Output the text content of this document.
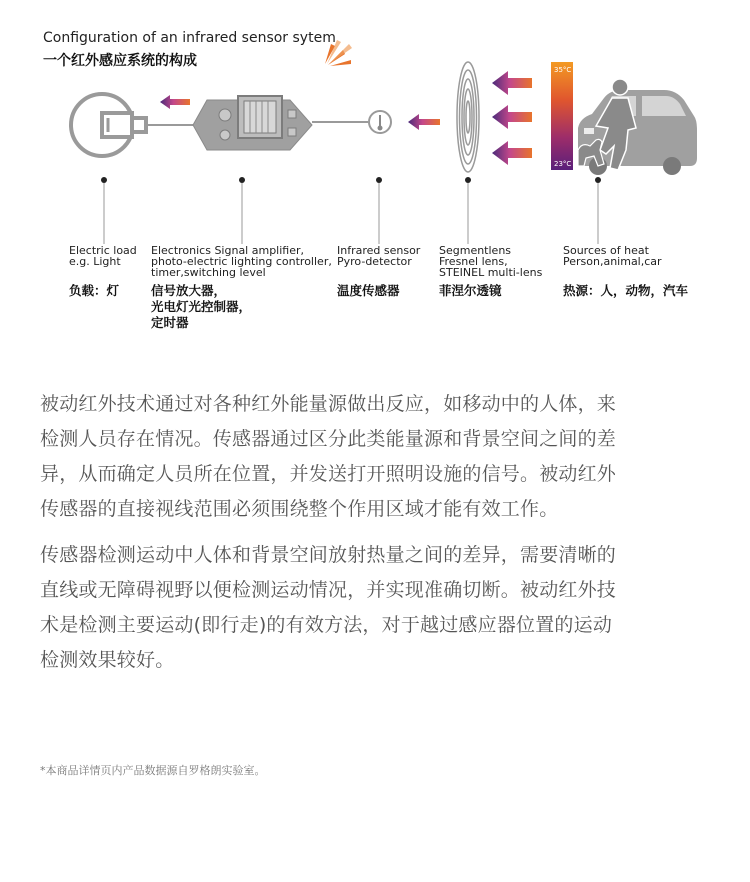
35°C
23°C
Configuration of an infrared sensor sytem
一个红外感应系统的构成
Electric load
e.g. Light
负载：灯
Electronics Signal amplifier,
photo-electric lighting controller,
timer,switching level
信号放大器，
光电灯光控制器，
定时器
Infrared sensor
Pyro-detector
温度传感器
Segmentlens
Fresnel lens,
STEINEL multi-lens
菲涅尔透镜
Sources of heat
Person,animal,car
热源：人，动物，汽车
被动红外技术通过对各种红外能量源做出反应，如移动中的人体，来
检测人员存在情况。传感器通过区分此类能量源和背景空间之间的差
异，从而确定人员所在位置，并发送打开照明设施的信号。被动红外
传感器的直接视线范围必须围绕整个作用区域才能有效工作。
传感器检测运动中人体和背景空间放射热量之间的差异，需要清晰的
直线或无障碍视野以便检测运动情况，并实现准确切断。被动红外技
术是检测主要运动(即行走)的有效方法，对于越过感应器位置的运动
检测效果较好。
*本商品详情页内产品数据源自罗格朗实验室。
